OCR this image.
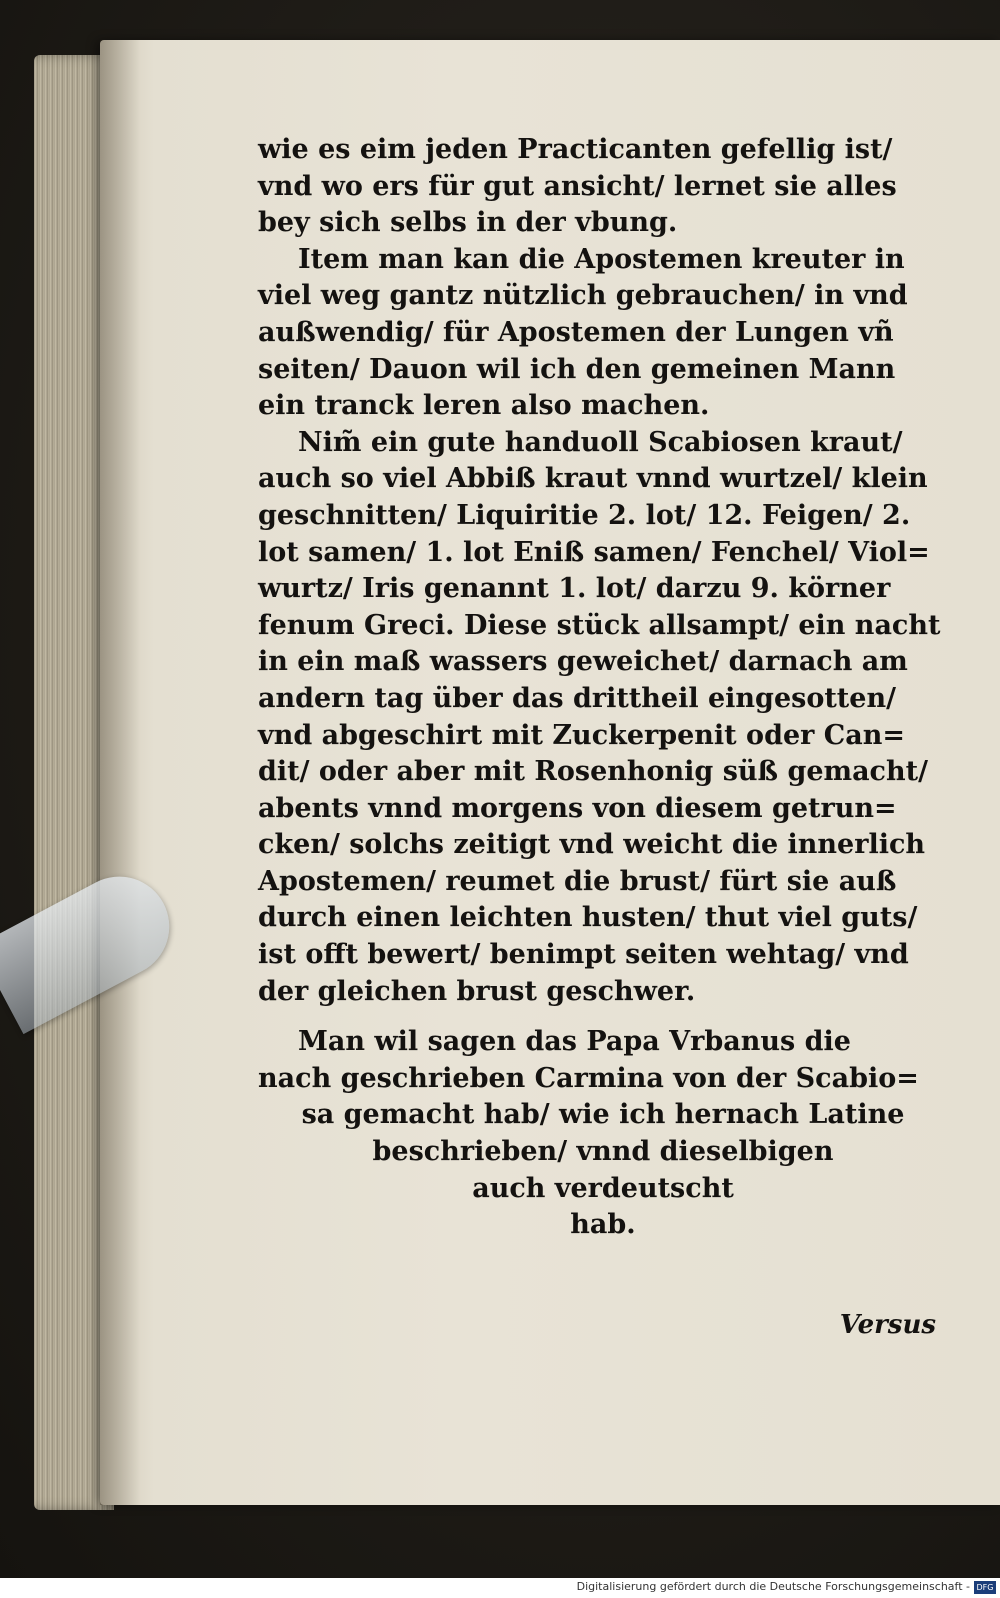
wie es eim jeden Practicanten gefellig ist/
vnd wo ers für gut ansicht/ lernet sie alles
bey sich selbs in der vbung.
Item man kan die Apostemen kreuter in
viel weg gantz nützlich gebrauchen/ in vnd
außwendig/ für Apostemen der Lungen vñ
seiten/ Dauon wil ich den gemeinen Mann
ein tranck leren also machen.
Nim̃ ein gute handuoll Scabiosen kraut/
auch so viel Abbiß kraut vnnd wurtzel/ klein
geschnitten/ Liquiritie 2. lot/ 12. Feigen/ 2.
lot samen/ 1. lot Eniß samen/ Fenchel/ Viol=
wurtz/ Iris genannt 1. lot/ darzu 9. körner
fenum Greci. Diese stück allsampt/ ein nacht
in ein maß wassers geweichet/ darnach am
andern tag über das drittheil eingesotten/
vnd abgeschirt mit Zuckerpenit oder Can=
dit/ oder aber mit Rosenhonig süß gemacht/
abents vnnd morgens von diesem getrun=
cken/ solchs zeitigt vnd weicht die innerlich
Apostemen/ reumet die brust/ fürt sie auß
durch einen leichten husten/ thut viel guts/
ist offt bewert/ benimpt seiten wehtag/ vnd
der gleichen brust geschwer.
Man wil sagen das Papa Vrbanus die
nach geschrieben Carmina von der Scabio=
sa gemacht hab/ wie ich hernach Latine
beschrieben/ vnnd dieselbigen
auch verdeutscht
hab.
Versus
Digitalisierung gefördert durch die Deutsche Forschungsgemeinschaft - DFG
